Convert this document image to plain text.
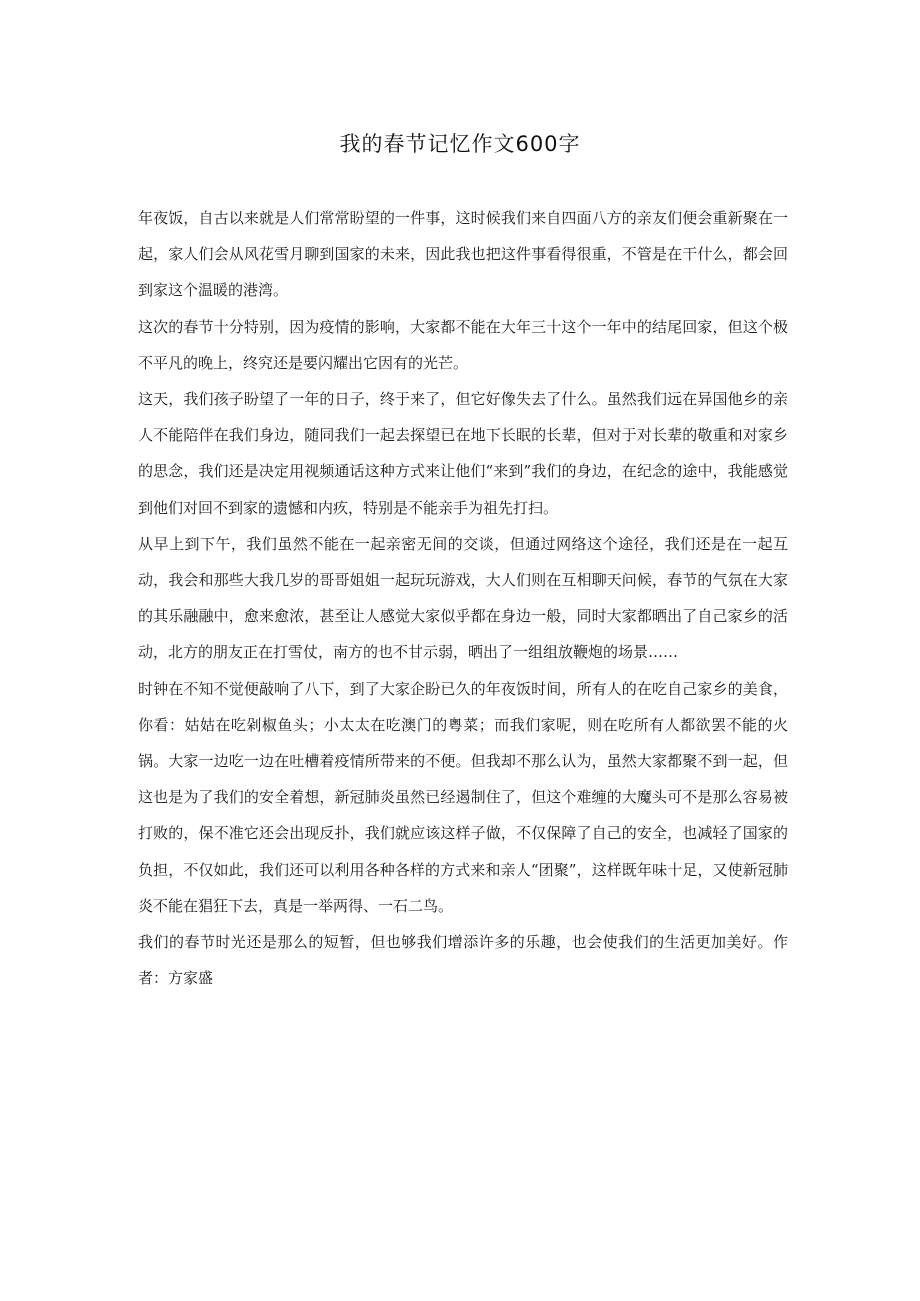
我的春节记忆作文600字

年夜饭，自古以来就是人们常常盼望的一件事，这时候我们来自四面八方的亲友们便会重新聚在一起，家人们会从风花雪月聊到国家的未来，因此我也把这件事看得很重，不管是在干什么，都会回到家这个温暖的港湾。

这次的春节十分特别，因为疫情的影响，大家都不能在大年三十这个一年中的结尾回家，但这个极不平凡的晚上，终究还是要闪耀出它因有的光芒。

这天，我们孩子盼望了一年的日子，终于来了，但它好像失去了什么。虽然我们远在异国他乡的亲人不能陪伴在我们身边，随同我们一起去探望已在地下长眠的长辈，但对于对长辈的敬重和对家乡的思念，我们还是决定用视频通话这种方式来让他们“来到”我们的身边，在纪念的途中，我能感觉到他们对回不到家的遗憾和内疚，特别是不能亲手为祖先打扫。

从早上到下午，我们虽然不能在一起亲密无间的交谈，但通过网络这个途径，我们还是在一起互动，我会和那些大我几岁的哥哥姐姐一起玩玩游戏，大人们则在互相聊天问候，春节的气氛在大家的其乐融融中，愈来愈浓，甚至让人感觉大家似乎都在身边一般，同时大家都晒出了自己家乡的活动，北方的朋友正在打雪仗，南方的也不甘示弱，晒出了一组组放鞭炮的场景……

时钟在不知不觉便敲响了八下，到了大家企盼已久的年夜饭时间，所有人的在吃自己家乡的美食，你看：姑姑在吃剁椒鱼头；小太太在吃澳门的粤菜；而我们家呢，则在吃所有人都欲罢不能的火锅。大家一边吃一边在吐槽着疫情所带来的不便。但我却不那么认为，虽然大家都聚不到一起，但这也是为了我们的安全着想，新冠肺炎虽然已经遏制住了，但这个难缠的大魔头可不是那么容易被打败的，保不准它还会出现反扑，我们就应该这样子做，不仅保障了自己的安全，也减轻了国家的负担，不仅如此，我们还可以利用各种各样的方式来和亲人“团聚”，这样既年味十足，又使新冠肺炎不能在猖狂下去，真是一举两得、一石二鸟。

我们的春节时光还是那么的短暂，但也够我们增添许多的乐趣，也会使我们的生活更加美好。作者：方家盛
